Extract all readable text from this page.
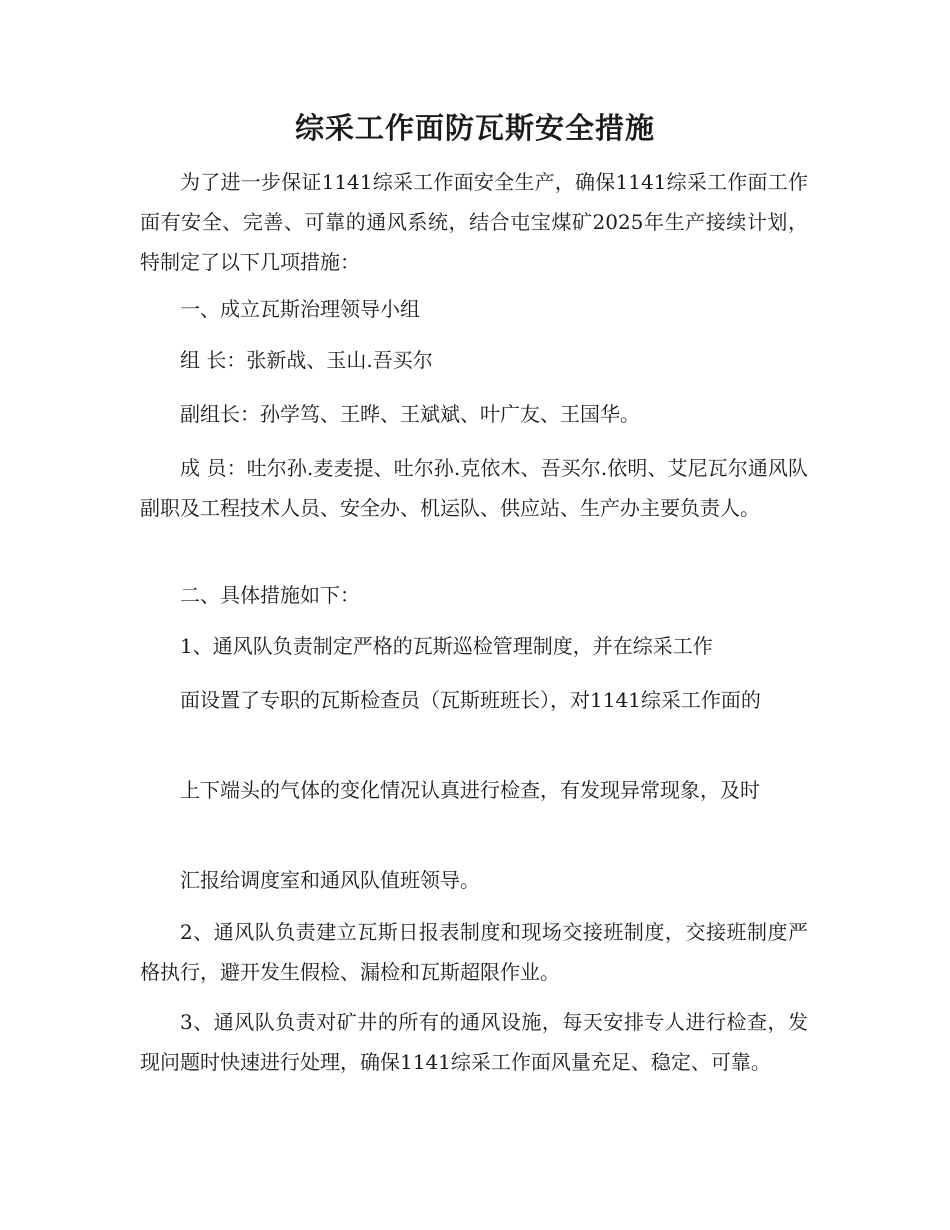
综采工作面防瓦斯安全措施

为了进一步保证1141综采工作面安全生产，确保1141综采工作面工作面有安全、完善、可靠的通风系统，结合屯宝煤矿2025年生产接续计划，特制定了以下几项措施：

一、成立瓦斯治理领导小组

组 长：张新战、玉山.吾买尔

副组长：孙学笃、王晔、王斌斌、叶广友、王国华。

成 员：吐尔孙.麦麦提、吐尔孙.克依木、吾买尔.依明、艾尼瓦尔通风队副职及工程技术人员、安全办、机运队、供应站、生产办主要负责人。

二、具体措施如下：

1、通风队负责制定严格的瓦斯巡检管理制度，并在综采工作

面设置了专职的瓦斯检查员（瓦斯班班长），对1141综采工作面的

上下端头的气体的变化情况认真进行检查，有发现异常现象，及时

汇报给调度室和通风队值班领导。

2、通风队负责建立瓦斯日报表制度和现场交接班制度，交接班制度严格执行，避开发生假检、漏检和瓦斯超限作业。

3、通风队负责对矿井的所有的通风设施，每天安排专人进行检查，发现问题时快速进行处理，确保1141综采工作面风量充足、稳定、可靠。
